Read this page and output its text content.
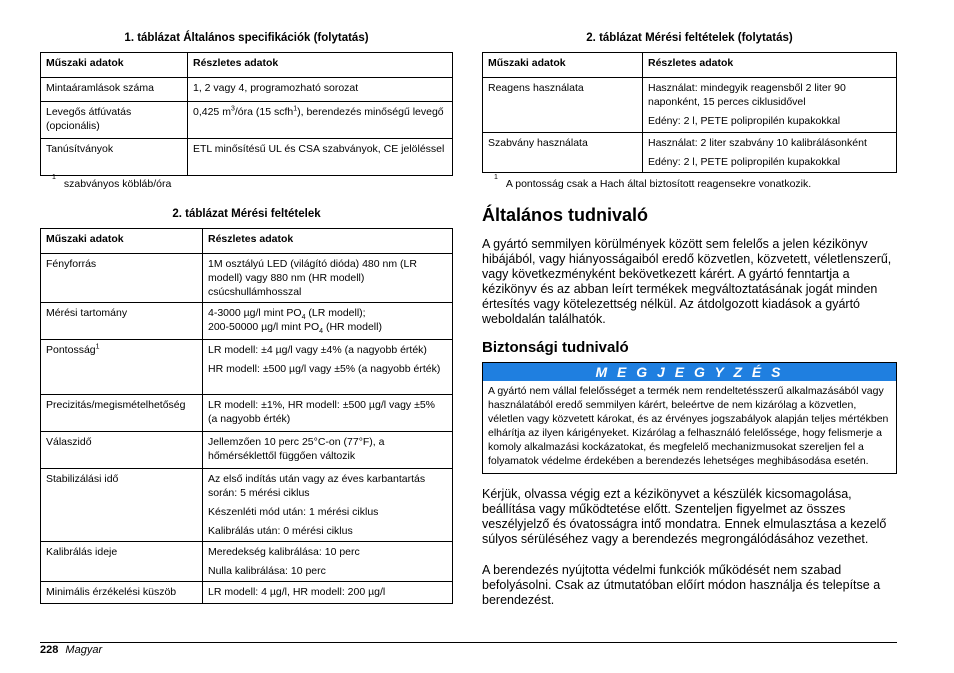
1. táblázat Általános specifikációk (folytatás)
Műszaki adatok	Részletes adatok
Mintaáramlások száma	1, 2 vagy 4, programozható sorozat
Levegős átfúvatás (opcionális)	0,425 $m^3$/óra (15 scfh$^1$), berendezés minőségű levegő
Tanúsítványok	ETL minősítésű UL és CSA szabványok, CE jelöléssel
$^1$szabványos köbláb/óra
2. táblázat Mérési feltételek
Műszaki adatok	Részletes adatok
Fényforrás	1M osztályú LED (világító dióda) 480 nm (LR modell) vagy 880 nm (HR modell) csúcshullámhosszal
Mérési tartomány	4-3000 µg/l mint $PO_4$ (LR modell);
200-50000 µg/l mint $PO_4$ (HR modell)

Pontosság$^1$	LR modell: ±4 µg/l vagy ±4% (a nagyobb érték)

HR modell: ±500 µg/l vagy ±5% (a nagyobb érték)

Precizitás/megismételhetőség	LR modell: ±1%, HR modell: ±500 µg/l vagy ±5% (a nagyobb érték)
Válaszidő	Jellemzően 10 perc 25°C-on (77°F), a hőmérséklettől függően változik
Stabilizálási idő	Az első indítás után vagy az éves karbantartás során: 5 mérési ciklus

Készenléti mód után: 1 mérési ciklus

Kalibrálás után: 0 mérési ciklus

Kalibrálás ideje	Meredekség kalibrálása: 10 perc

Nulla kalibrálása: 10 perc

Minimális érzékelési küszöb	LR modell: 4 µg/l, HR modell: 200 µg/l
2. táblázat Mérési feltételek (folytatás)
Műszaki adatok	Részletes adatok
Reagens használata	Használat: mindegyik reagensből 2 liter 90 naponként, 15 perces ciklusidővel

Edény: 2 l, PETE polipropilén kupakokkal

Szabvány használata	Használat: 2 liter szabvány 10 kalibrálásonként

Edény: 2 l, PETE polipropilén kupakokkal

$^1$A pontosság csak a Hach által biztosított reagensekre vonatkozik.
Általános tudnivaló

A gyártó semmilyen körülmények között sem felelős a jelen kézikönyv hibájából, vagy hiányosságaiból eredő közvetlen, közvetett, véletlenszerű, vagy következményként bekövetkezett kárért. A gyártó fenntartja a kézikönyv és az abban leírt termékek megváltoztatásának jogát minden értesítés vagy kötelezettség nélkül. Az átdolgozott kiadások a gyártó weboldalán találhatók.

Biztonsági tudnivaló
M E G J E G Y Z É S
A gyártó nem vállal felelősséget a termék nem rendeltetésszerű alkalmazásából vagy használatából eredő semmilyen kárért, beleértve de nem kizárólag a közvetlen, véletlen vagy közvetett károkat, és az érvényes jogszabályok alapján teljes mértékben elhárítja az ilyen kárigényeket. Kizárólag a felhasználó felelőssége, hogy felismerje a komoly alkalmazási kockázatokat, és megfelelő mechanizmusokat szereljen fel a folyamatok védelme érdekében a berendezés lehetséges meghibásodása esetén.

Kérjük, olvassa végig ezt a kézikönyvet a készülék kicsomagolása, beállítása vagy működtetése előtt. Szenteljen figyelmet az összes veszélyjelző és óvatosságra intő mondatra. Ennek elmulasztása a kezelő súlyos sérüléséhez vagy a berendezés megrongálódásához vezethet.

A berendezés nyújtotta védelmi funkciók működését nem szabad befolyásolni. Csak az útmutatóban előírt módon használja és telepítse a berendezést.

228 Magyar
